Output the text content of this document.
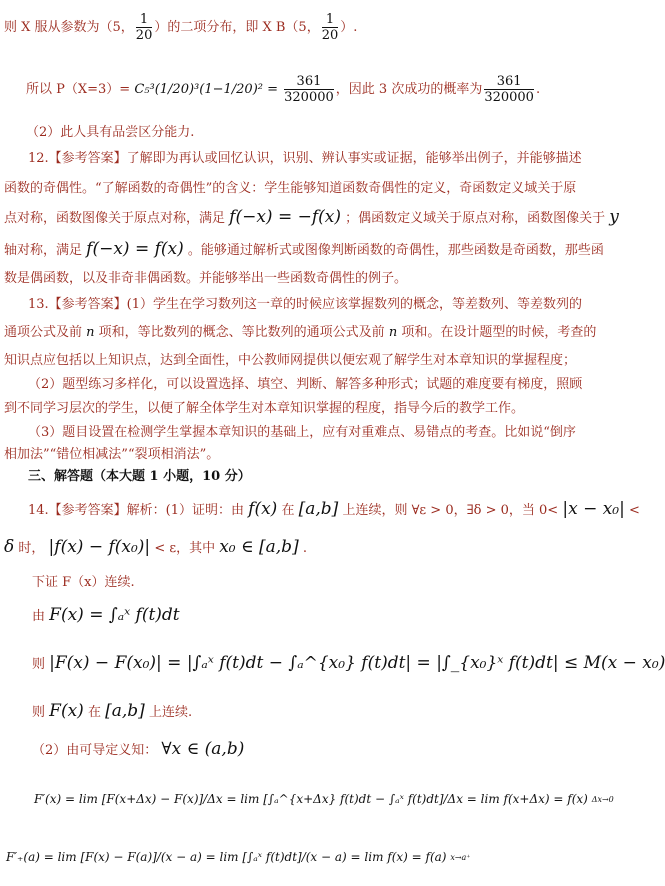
则 X 服从参数为（5， $\frac{1}{20}$ ）的二项分布，即 X B（5， $\frac{1}{20}$ ）.
所以 $P(X=3)= C_5^3(1/20)^3(1-1/20)^2 = \frac{361}{320000}$ ，因此 3 次成功的概率为 $\frac{361}{320000}$ .
（2）此人具有品尝区分能力.
12.【参考答案】了解即为再认或回忆认识，识别、辨认事实或证据，能够举出例子，并能够描述
函数的奇偶性。“了解函数的奇偶性”的含义：学生能够知道函数奇偶性的定义，奇函数定义域关于原
点对称，函数图像关于原点对称，满足 f(−x) = −f(x) ；偶函数定义域关于原点对称，函数图像关于 y
轴对称，满足 f(−x) = f(x) 。能够通过解析式或图像判断函数的奇偶性，那些函数是奇函数，那些函
数是偶函数，以及非奇非偶函数。并能够举出一些函数奇偶性的例子。
13.【参考答案】(1）学生在学习数列这一章的时候应该掌握数列的概念，等差数列、等差数列的
通项公式及前 n 项和，等比数列的概念、等比数列的通项公式及前 n 项和。在设计题型的时候，考查的
知识点应包括以上知识点，达到全面性，中公教师网提供以便宏观了解学生对本章知识的掌握程度；
（2）题型练习多样化，可以设置选择、填空、判断、解答多种形式；试题的难度要有梯度，照顾
到不同学习层次的学生，以便了解全体学生对本章知识掌握的程度，指导今后的教学工作。
（3）题目设置在检测学生掌握本章知识的基础上，应有对重难点、易错点的考查。比如说“倒序
相加法”“错位相减法”“裂项相消法”。
三、解答题（本大题 1 小题，10 分）
14.【参考答案】解析：(1）证明：由 f(x) 在 [a,b] 上连续，则 ∀ε > 0，∃δ > 0，当 0< |x − x₀| <
δ 时， |f(x) − f(x₀)| < ε，其中 x₀ ∈ [a,b] .
下证 F（x）连续.
由 F(x) = ∫ₐˣ f(t)dt
则 |F(x) − F(x₀)| = |∫ₐˣ f(t)dt − ∫ₐ^{x₀} f(t)dt| = |∫_{x₀}ˣ f(t)dt| ≤ M(x − x₀)
则 F(x) 在 [a,b] 上连续.
（2）由可导定义知： ∀x ∈ (a,b)
F′(x) = lim [F(x+Δx) − F(x)]/Δx = lim [∫ₐ^{x+Δx} f(t)dt − ∫ₐˣ f(t)dt]/Δx = lim f(x+Δx) = f(x) Δx→0
F′₊(a) = lim [F(x) − F(a)]/(x − a) = lim [∫ₐˣ f(t)dt]/(x − a) = lim f(x) = f(a) x→a⁺
